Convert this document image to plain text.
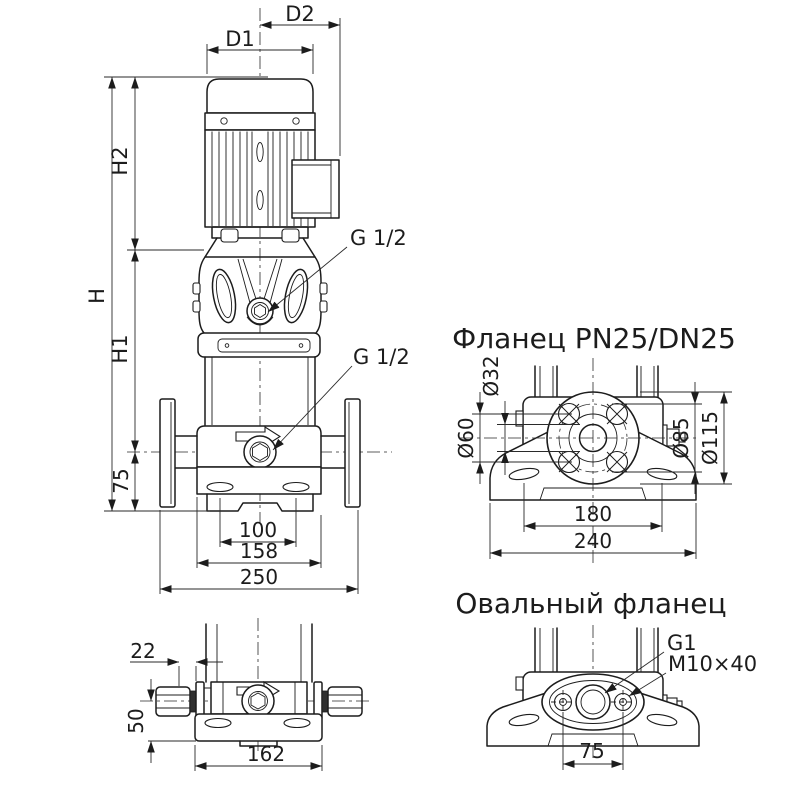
D1
D2
H
H2
H1
75
100
158
250
G 1/2
G 1/2
Фланец PN25/DN25
Ø32
Ø60	Ø85 Ø115
180
240
22
50
162
Овальный фланец
G1
M10×40
75
